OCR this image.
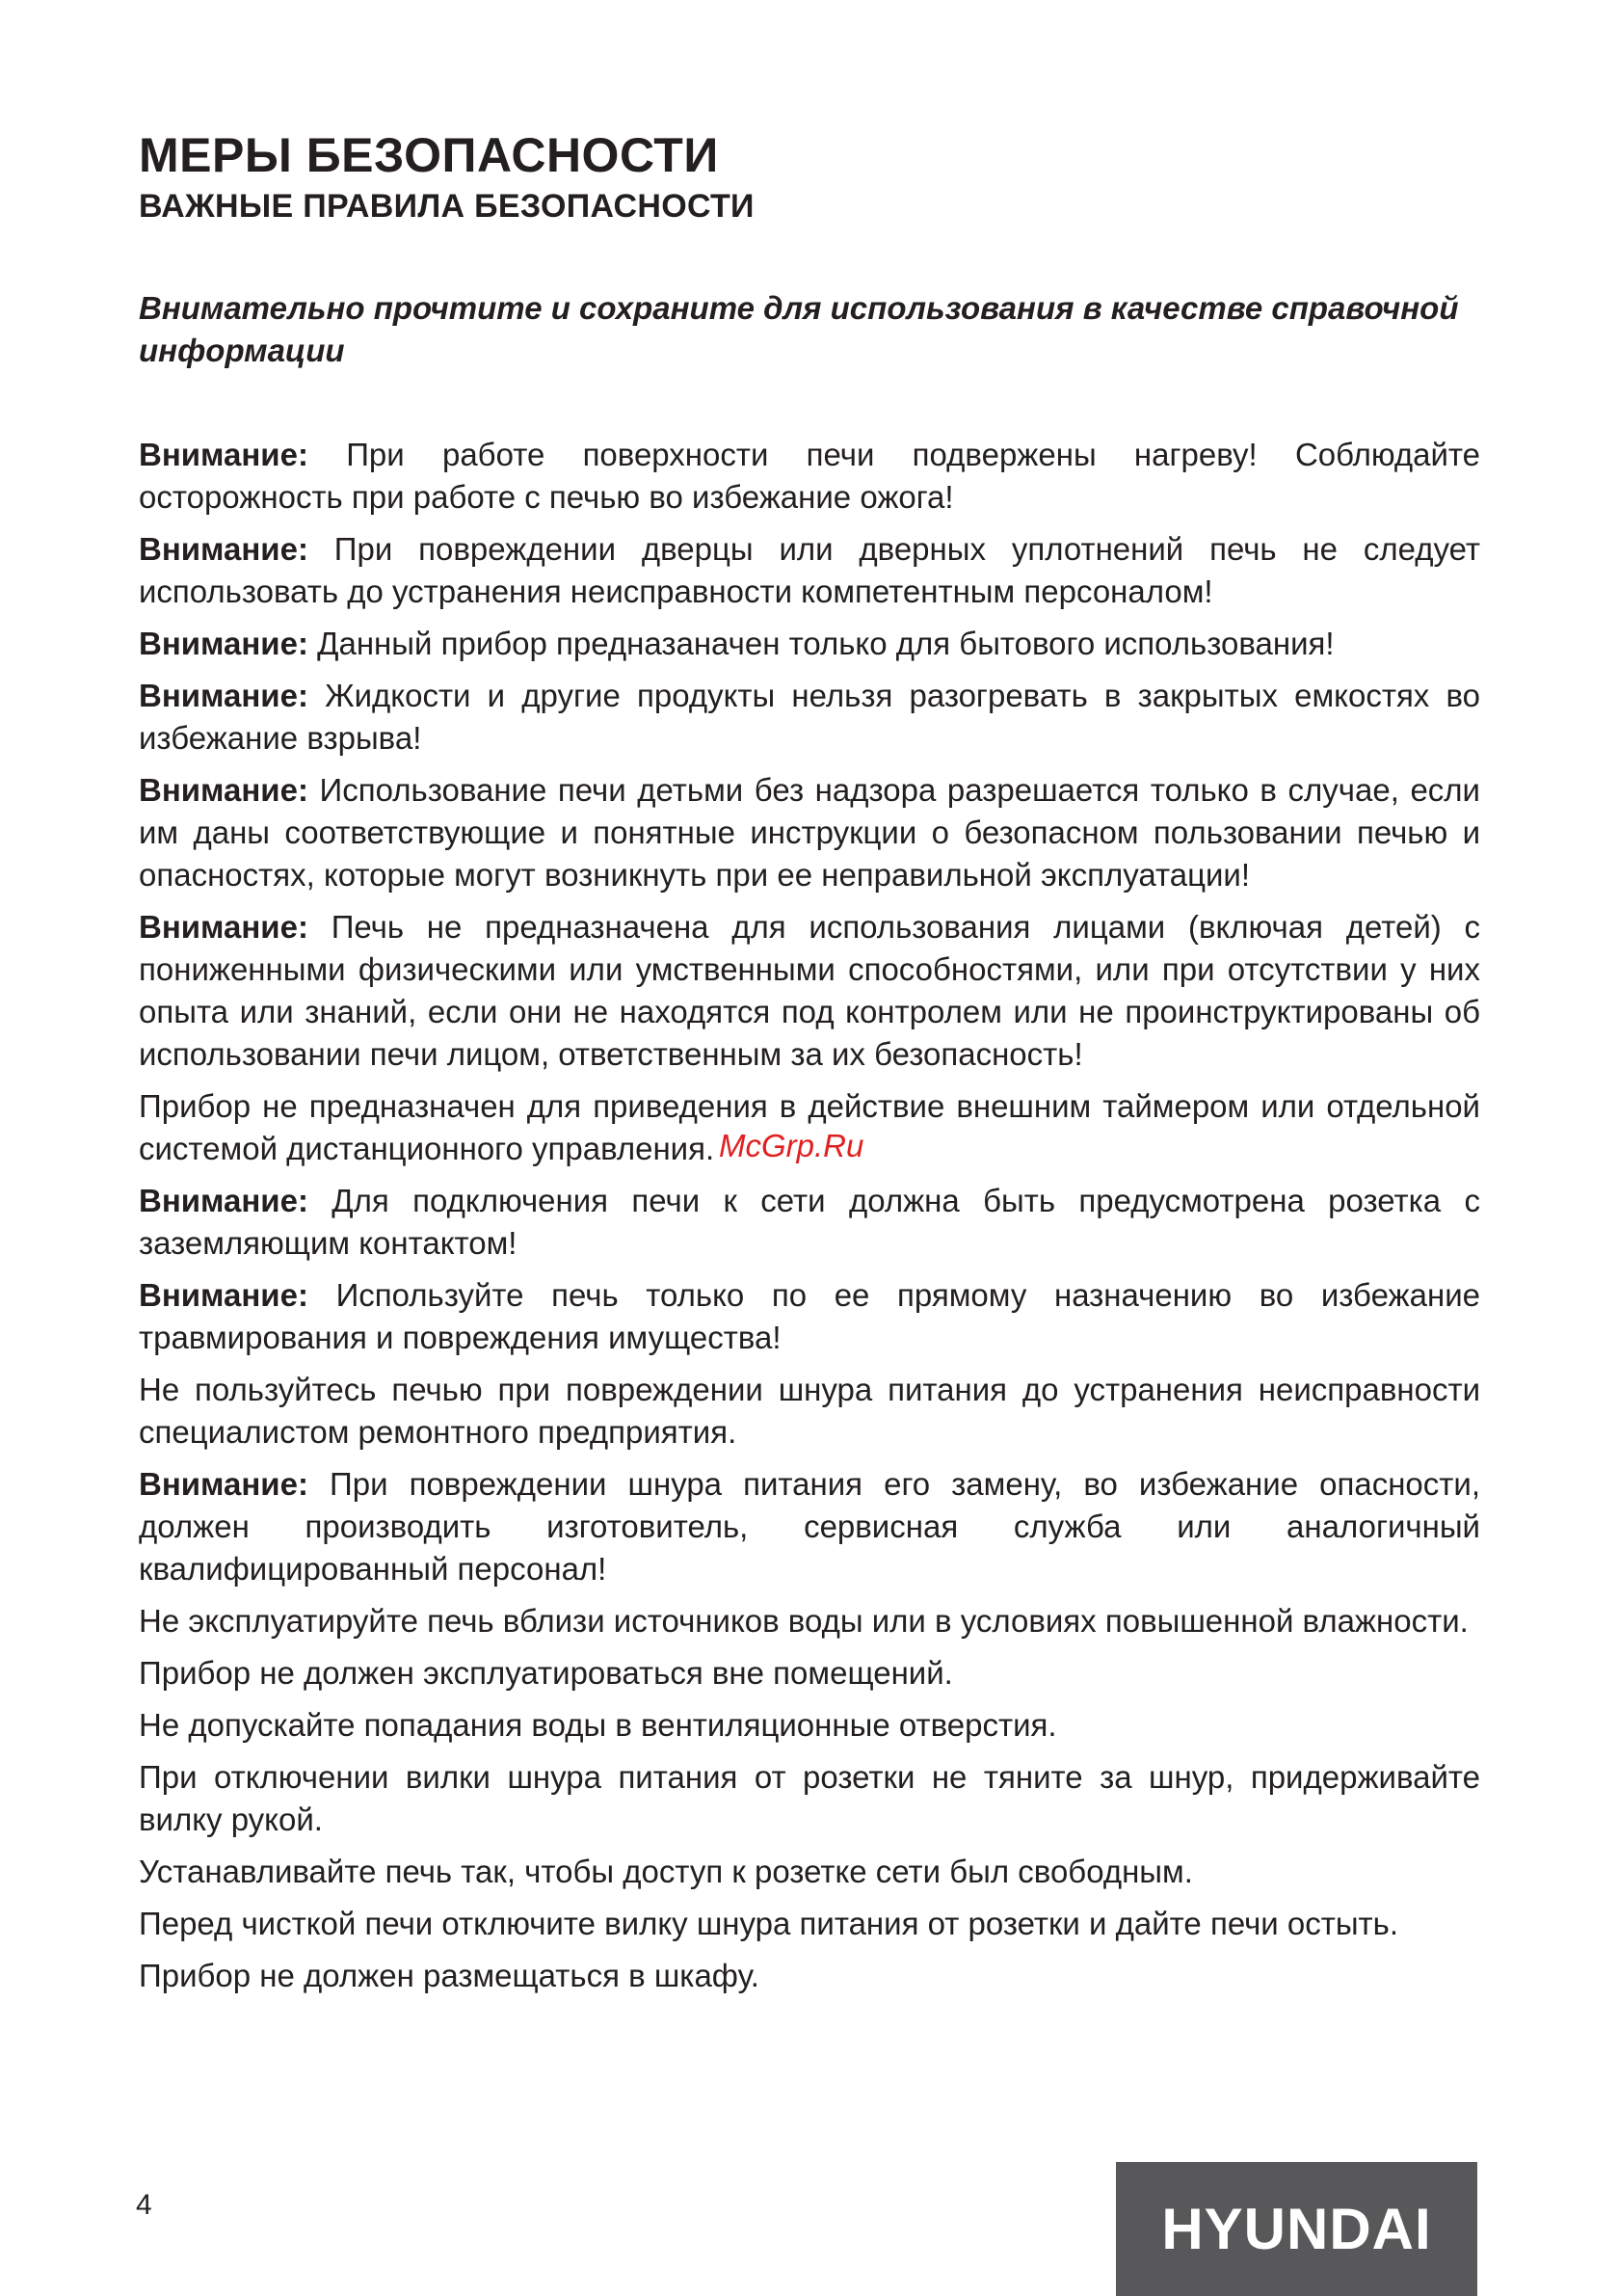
МЕРЫ БЕЗОПАСНОСТИ
ВАЖНЫЕ ПРАВИЛА БЕЗОПАСНОСТИ

Внимательно прочтите и сохраните для использования в качестве справочной информации

Внимание: При работе поверхности печи подвержены нагреву! Соблюдайте осторожность при работе с печью во избежание ожога!

Внимание: При повреждении дверцы или дверных уплотнений печь не следует использовать до устранения неисправности компетентным персоналом!

Внимание: Данный прибор предназаначен только для бытового использования!

Внимание: Жидкости и другие продукты нельзя разогревать в закрытых емкостях во избежание взрыва!

Внимание: Использование печи детьми без надзора разрешается только в случае, если им даны соответствующие и понятные инструкции о безопасном пользовании печью и опасностях, которые могут возникнуть при ее неправильной эксплуатации!

Внимание: Печь не предназначена для использования лицами (включая детей) с пониженными физическими или умственными способностями, или при отсутствии у них опыта или знаний, если они не находятся под контролем или не проинструктированы об использовании печи лицом, ответственным за их безопасность!

Прибор не предназначен для приведения в действие внешним таймером или отдельной системой дистанционного управления.

Внимание: Для подключения печи к сети должна быть предусмотрена розетка с заземляющим контактом!

Внимание: Используйте печь только по ее прямому назначению во избежание травмирования и повреждения имущества!

Не пользуйтесь печью при повреждении шнура питания до устранения неисправности специалистом ремонтного предприятия.

Внимание: При повреждении шнура питания его замену, во избежание опасности, должен производить изготовитель, сервисная служба или аналогичный квалифицированный персонал!

Не эксплуатируйте печь вблизи источников воды или в условиях повышенной влажности.

Прибор не должен эксплуатироваться вне помещений.

Не допускайте попадания воды в вентиляционные отверстия.

При отключении вилки шнура питания от розетки не тяните за шнур, придерживайте вилку рукой.

Устанавливайте печь так, чтобы доступ к розетке сети был свободным.

Перед чисткой печи отключите вилку шнура питания от розетки и дайте печи остыть.

Прибор не должен размещаться в шкафу.

McGrp.Ru
4	HYUNDAI
